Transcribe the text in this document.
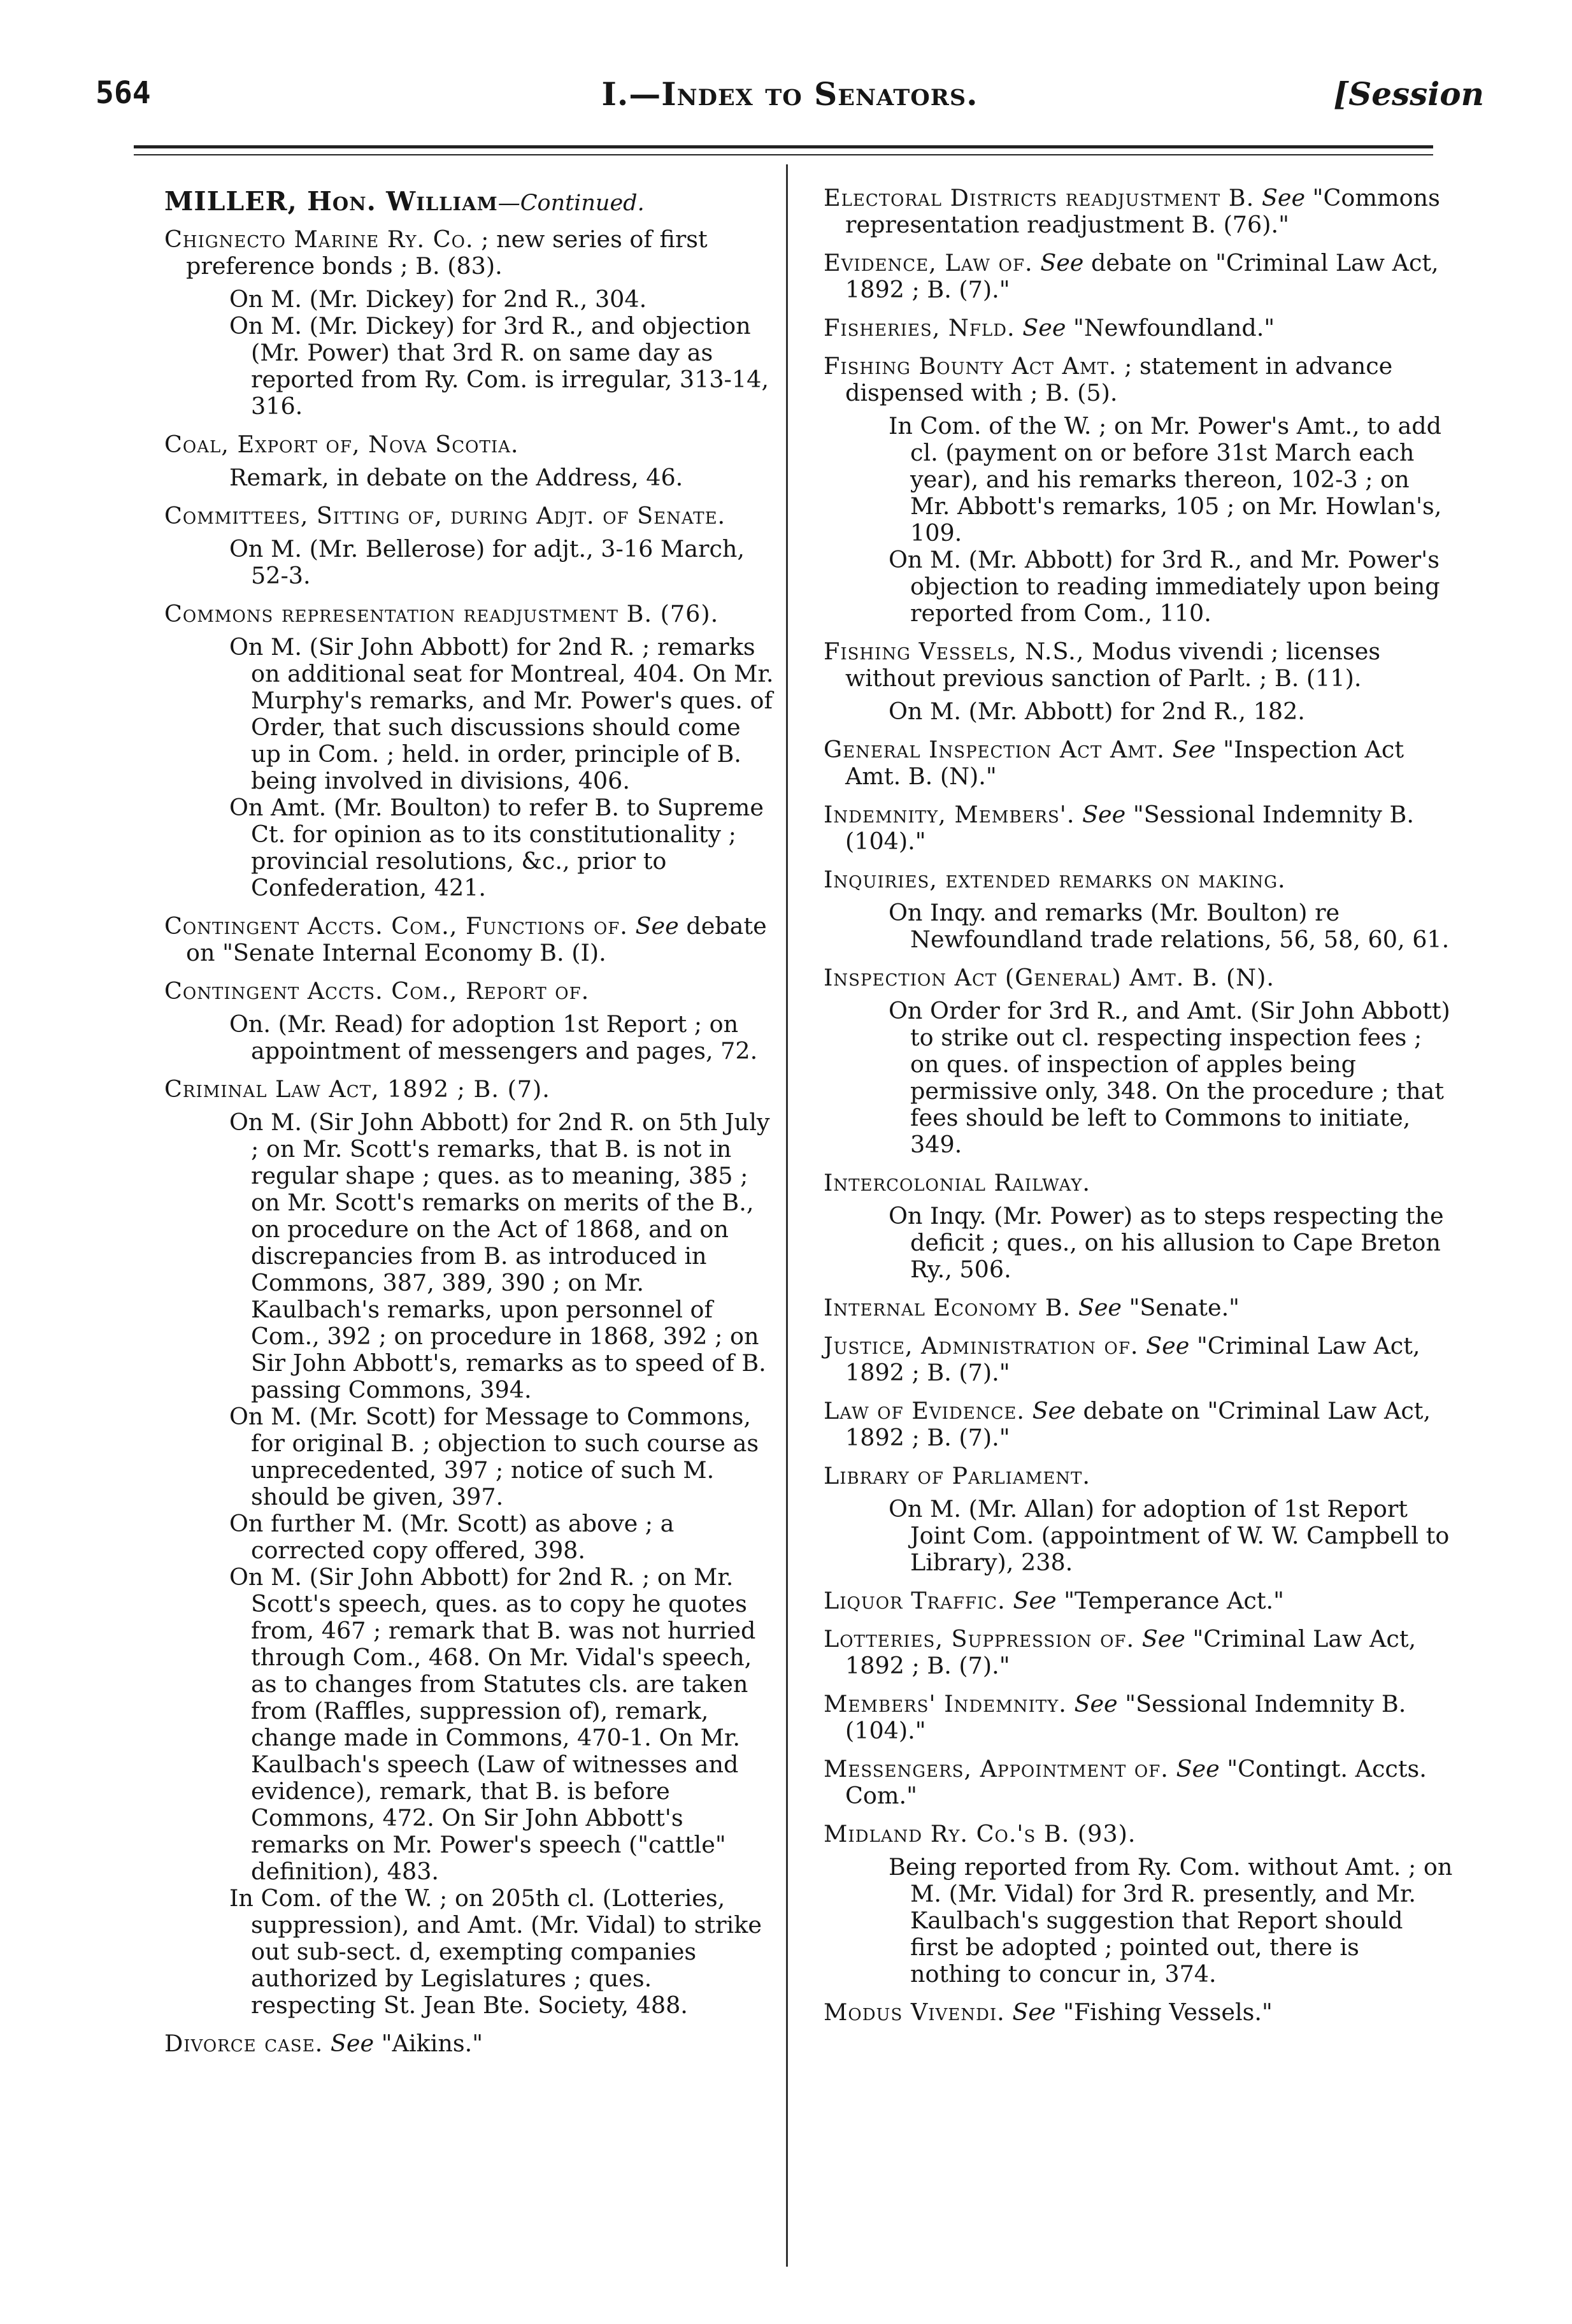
564	I.—Index to Senators.	[Session
MILLER, Hon. William—Continued.
Chignecto Marine Ry. Co. ; new series of first preference bonds ; B. (83).
On M. (Mr. Dickey) for 2nd R., 304.
On M. (Mr. Dickey) for 3rd R., and objection (Mr. Power) that 3rd R. on same day as reported from Ry. Com. is irregular, 313-14, 316.
Coal, Export of, Nova Scotia.
Remark, in debate on the Address, 46.
Committees, Sitting of, during Adjt. of Senate.
On M. (Mr. Bellerose) for adjt., 3-16 March, 52-3.
Commons representation readjustment B. (76).
On M. (Sir John Abbott) for 2nd R. ; remarks on additional seat for Montreal, 404. On Mr. Murphy's remarks, and Mr. Power's ques. of Order, that such discussions should come up in Com. ; held. in order, principle of B. being involved in divisions, 406.
On Amt. (Mr. Boulton) to refer B. to Supreme Ct. for opinion as to its constitutionality ; provincial resolutions, &c., prior to Confederation, 421.
Contingent Accts. Com., Functions of. See debate on "Senate Internal Economy B. (I).
Contingent Accts. Com., Report of.
On. (Mr. Read) for adoption 1st Report ; on appointment of messengers and pages, 72.
Criminal Law Act, 1892 ; B. (7).
On M. (Sir John Abbott) for 2nd R. on 5th July ; on Mr. Scott's remarks, that B. is not in regular shape ; ques. as to meaning, 385 ; on Mr. Scott's remarks on merits of the B., on procedure on the Act of 1868, and on discrepancies from B. as introduced in Commons, 387, 389, 390 ; on Mr. Kaulbach's remarks, upon personnel of Com., 392 ; on procedure in 1868, 392 ; on Sir John Abbott's, remarks as to speed of B. passing Commons, 394.
On M. (Mr. Scott) for Message to Commons, for original B. ; objection to such course as unprecedented, 397 ; notice of such M. should be given, 397.
On further M. (Mr. Scott) as above ; a corrected copy offered, 398.
On M. (Sir John Abbott) for 2nd R. ; on Mr. Scott's speech, ques. as to copy he quotes from, 467 ; remark that B. was not hurried through Com., 468. On Mr. Vidal's speech, as to changes from Statutes cls. are taken from (Raffles, suppression of), remark, change made in Commons, 470-1. On Mr. Kaulbach's speech (Law of witnesses and evidence), remark, that B. is before Commons, 472. On Sir John Abbott's remarks on Mr. Power's speech ("cattle" definition), 483.
In Com. of the W. ; on 205th cl. (Lotteries, suppression), and Amt. (Mr. Vidal) to strike out sub-sect. d, exempting companies authorized by Legislatures ; ques. respecting St. Jean Bte. Society, 488.
Divorce case. See "Aikins."
Electoral Districts readjustment B. See "Commons representation readjustment B. (76)."
Evidence, Law of. See debate on "Criminal Law Act, 1892 ; B. (7)."
Fisheries, Nfld. See "Newfoundland."
Fishing Bounty Act Amt. ; statement in advance dispensed with ; B. (5).
In Com. of the W. ; on Mr. Power's Amt., to add cl. (payment on or before 31st March each year), and his remarks thereon, 102-3 ; on Mr. Abbott's remarks, 105 ; on Mr. Howlan's, 109.
On M. (Mr. Abbott) for 3rd R., and Mr. Power's objection to reading immediately upon being reported from Com., 110.
Fishing Vessels, N.S., Modus vivendi ; licenses without previous sanction of Parlt. ; B. (11).
On M. (Mr. Abbott) for 2nd R., 182.
General Inspection Act Amt. See "Inspection Act Amt. B. (N)."
Indemnity, Members'. See "Sessional Indemnity B. (104)."
Inquiries, extended remarks on making.
On Inqy. and remarks (Mr. Boulton) re Newfoundland trade relations, 56, 58, 60, 61.
Inspection Act (General) Amt. B. (N).
On Order for 3rd R., and Amt. (Sir John Abbott) to strike out cl. respecting inspection fees ; on ques. of inspection of apples being permissive only, 348. On the procedure ; that fees should be left to Commons to initiate, 349.
Intercolonial Railway.
On Inqy. (Mr. Power) as to steps respecting the deficit ; ques., on his allusion to Cape Breton Ry., 506.
Internal Economy B. See "Senate."
Justice, Administration of. See "Criminal Law Act, 1892 ; B. (7)."
Law of Evidence. See debate on "Criminal Law Act, 1892 ; B. (7)."
Library of Parliament.
On M. (Mr. Allan) for adoption of 1st Report Joint Com. (appointment of W. W. Campbell to Library), 238.
Liquor Traffic. See "Temperance Act."
Lotteries, Suppression of. See "Criminal Law Act, 1892 ; B. (7)."
Members' Indemnity. See "Sessional Indemnity B. (104)."
Messengers, Appointment of. See "Contingt. Accts. Com."
Midland Ry. Co.'s B. (93).
Being reported from Ry. Com. without Amt. ; on M. (Mr. Vidal) for 3rd R. presently, and Mr. Kaulbach's suggestion that Report should first be adopted ; pointed out, there is nothing to concur in, 374.
Modus Vivendi. See "Fishing Vessels."
